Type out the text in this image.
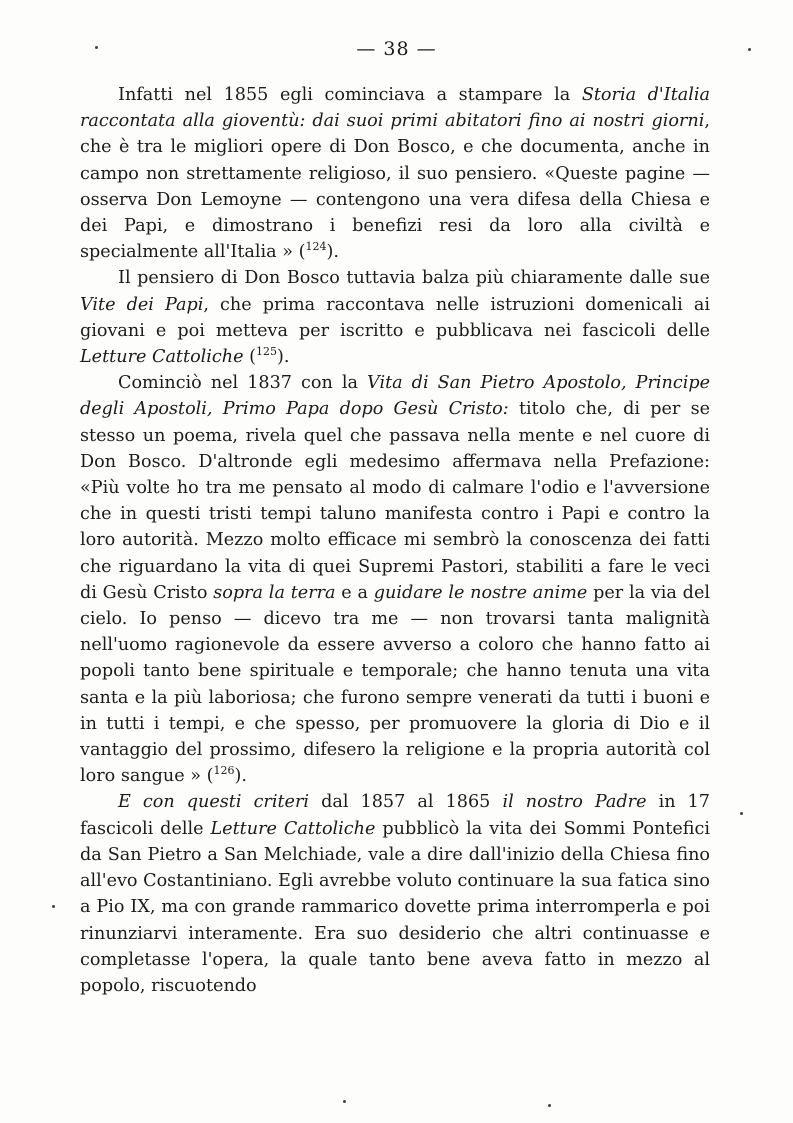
— 38 —

Infatti nel 1855 egli cominciava a stampare la Storia d'Italia raccontata alla gioventù: dai suoi primi abitatori fino ai nostri giorni, che è tra le migliori opere di Don Bosco, e che documenta, anche in campo non strettamente religioso, il suo pensiero. «Queste pagine — osserva Don Lemoyne — contengono una vera difesa della Chiesa e dei Papi, e dimostrano i benefizi resi da loro alla civiltà e specialmente all'Italia » ($^{124}$).

Il pensiero di Don Bosco tuttavia balza più chiaramente dalle sue Vite dei Papi, che prima raccontava nelle istruzioni domenicali ai giovani e poi metteva per iscritto e pubblicava nei fascicoli delle Letture Cattoliche ($^{125}$).

Cominciò nel 1837 con la Vita di San Pietro Apostolo, Principe degli Apostoli, Primo Papa dopo Gesù Cristo: titolo che, di per se stesso un poema, rivela quel che passava nella mente e nel cuore di Don Bosco. D'altronde egli medesimo affermava nella Prefazione: «Più volte ho tra me pensato al modo di calmare l'odio e l'avversione che in questi tristi tempi taluno manifesta contro i Papi e contro la loro autorità. Mezzo molto efficace mi sembrò la conoscenza dei fatti che riguardano la vita di quei Supremi Pastori, stabiliti a fare le veci di Gesù Cristo sopra la terra e a guidare le nostre anime per la via del cielo. Io penso — dicevo tra me — non trovarsi tanta malignità nell'uomo ragionevole da essere avverso a coloro che hanno fatto ai popoli tanto bene spirituale e temporale; che hanno tenuta una vita santa e la più laboriosa; che furono sempre venerati da tutti i buoni e in tutti i tempi, e che spesso, per promuovere la gloria di Dio e il vantaggio del prossimo, difesero la religione e la propria autorità col loro sangue » ($^{126}$).

E con questi criteri dal 1857 al 1865 il nostro Padre in 17 fascicoli delle Letture Cattoliche pubblicò la vita dei Sommi Pontefici da San Pietro a San Melchiade, vale a dire dall'inizio della Chiesa fino all'evo Costantiniano. Egli avrebbe voluto continuare la sua fatica sino a Pio IX, ma con grande rammarico dovette prima interromperla e poi rinunziarvi interamente. Era suo desiderio che altri continuasse e completasse l'opera, la quale tanto bene aveva fatto in mezzo al popolo, riscuotendo
